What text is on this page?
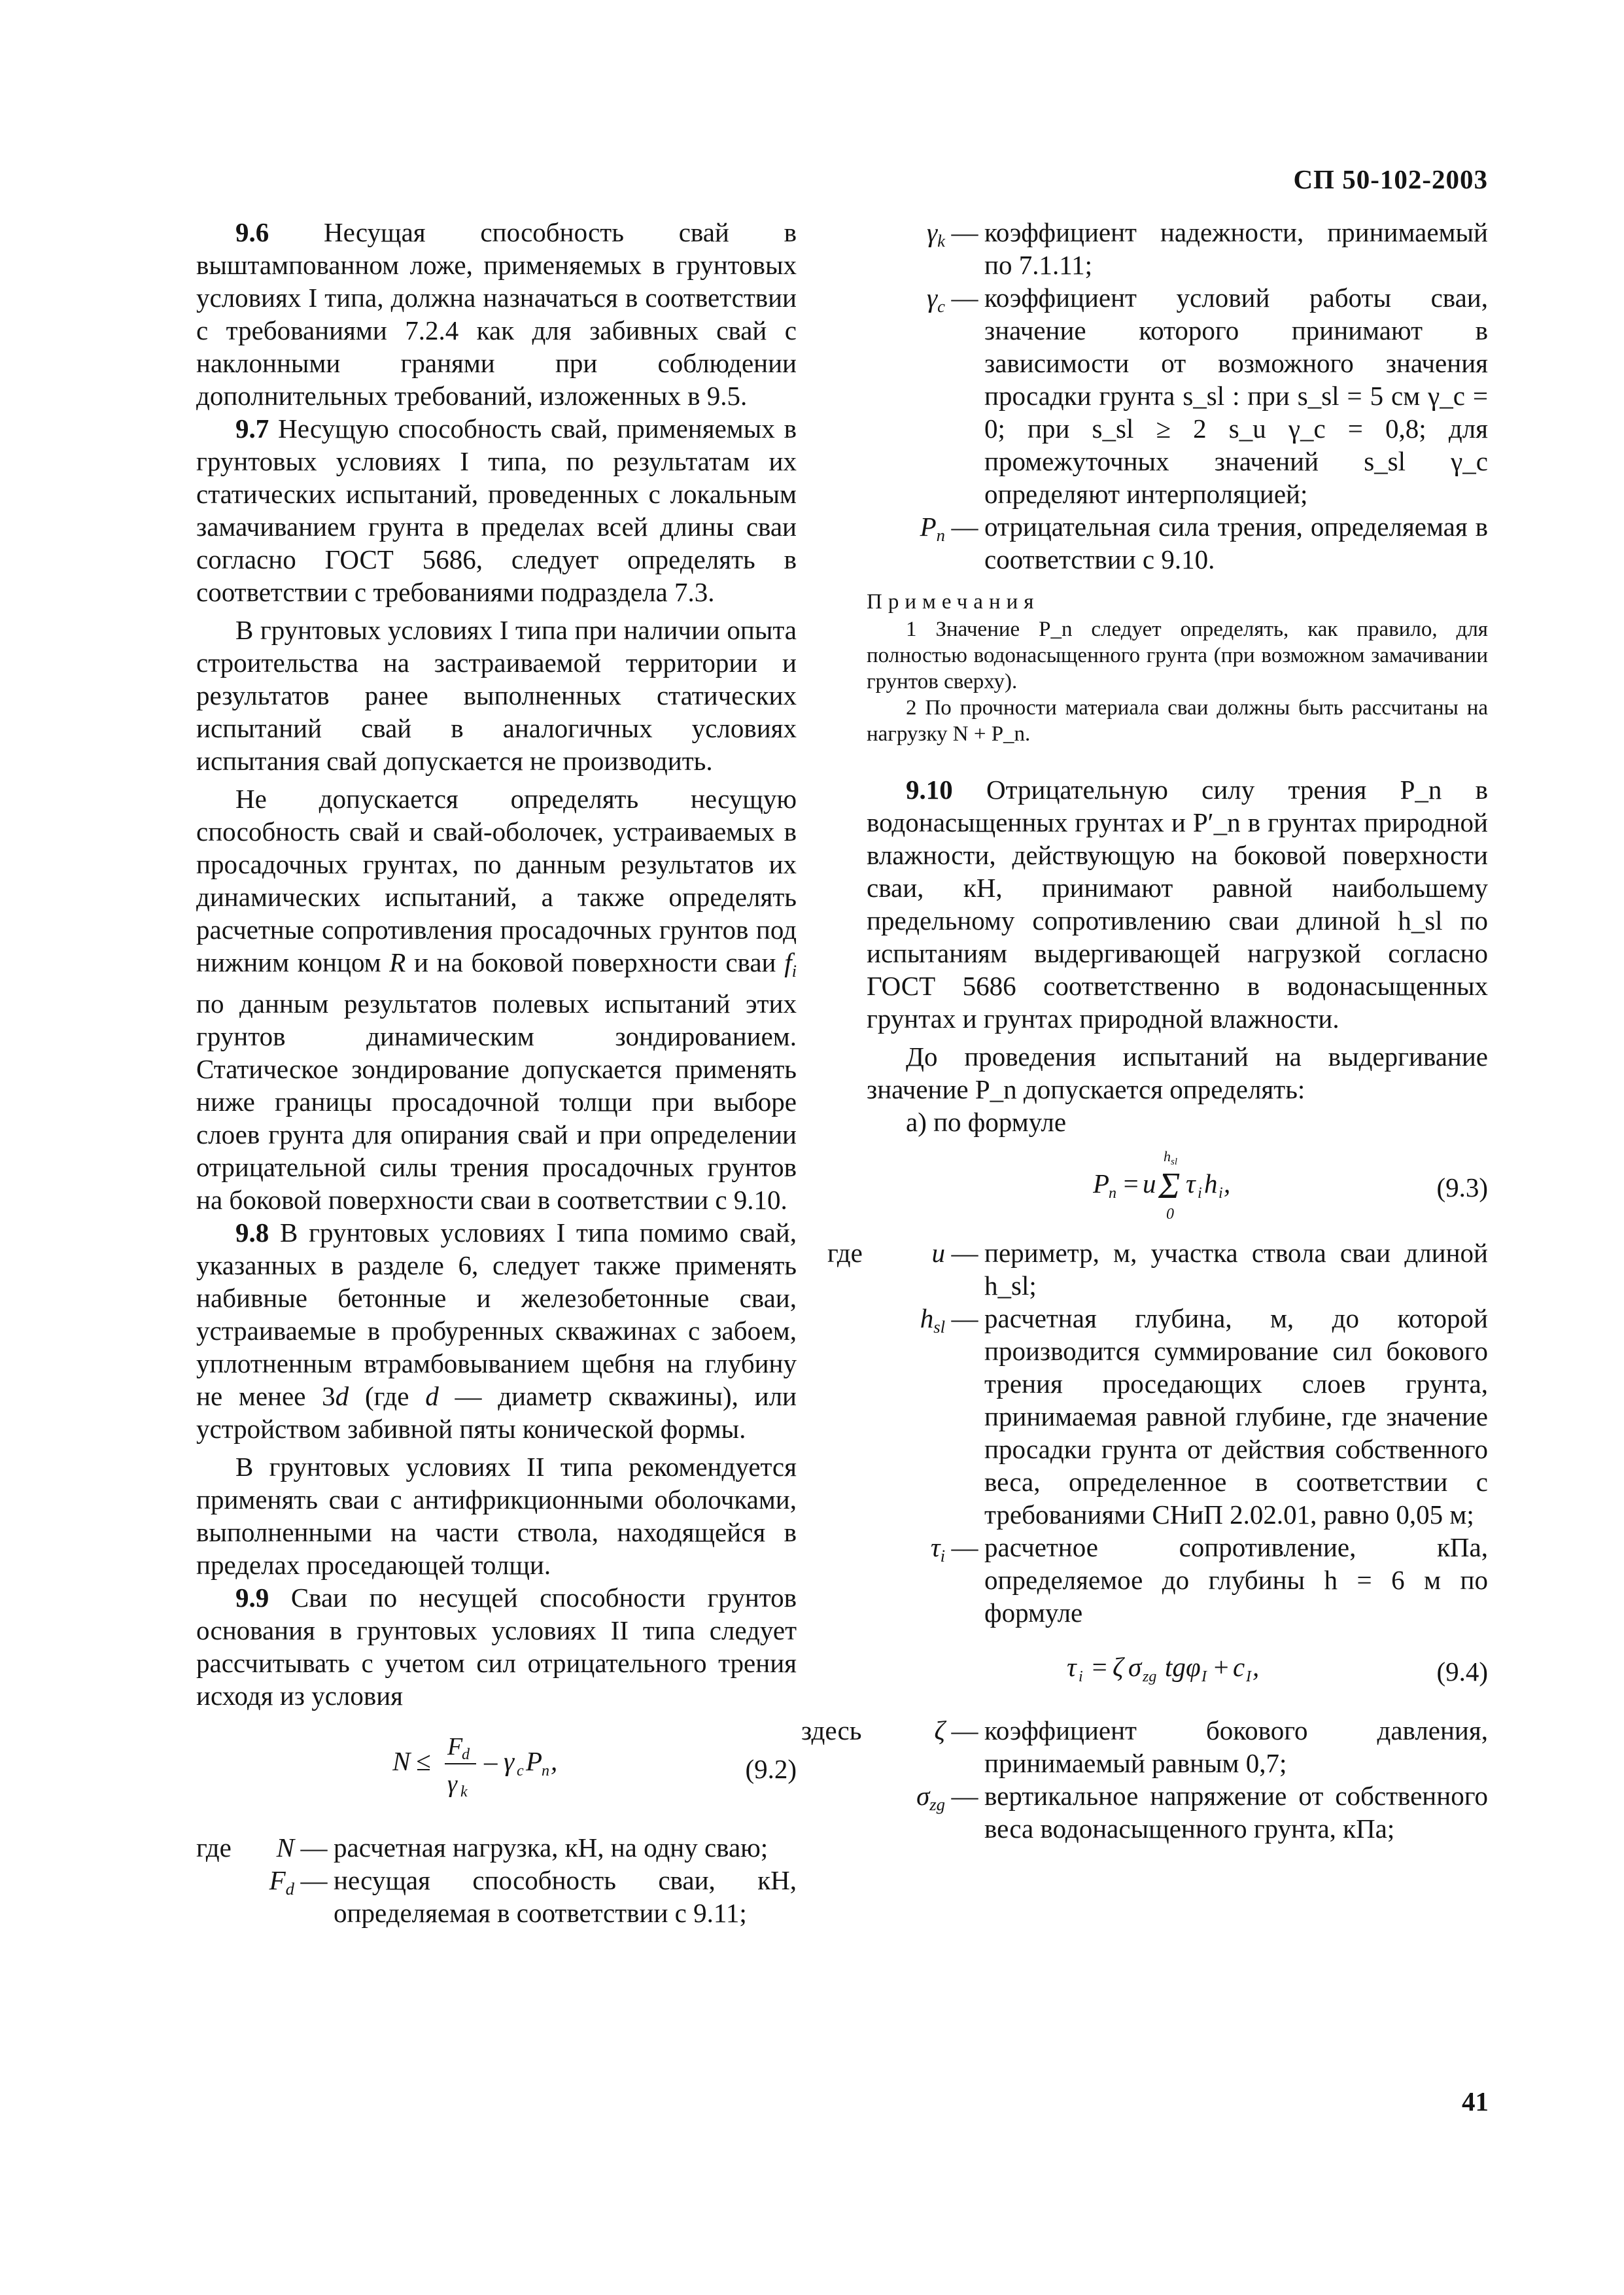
СП 50-102-2003

9.6 Несущая способность свай в выштампованном ложе, применяемых в грунтовых условиях I типа, должна назначаться в соответствии с требованиями 7.2.4 как для забивных свай с наклонными гранями при соблюдении дополнительных требований, изложенных в 9.5.

9.7 Несущую способность свай, применяемых в грунтовых условиях I типа, по результатам их статических испытаний, проведенных с локальным замачиванием грунта в пределах всей длины сваи согласно ГОСТ 5686, следует определять в соответствии с требованиями подраздела 7.3.

В грунтовых условиях I типа при наличии опыта строительства на застраиваемой территории и результатов ранее выполненных статических испытаний свай в аналогичных условиях испытания свай допускается не производить.

Не допускается определять несущую способность свай и свай-оболочек, устраиваемых в просадочных грунтах, по данным результатов их динамических испытаний, а также определять расчетные сопротивления просадочных грунтов под нижним концом R и на боковой поверхности сваи $f_i$ по данным результатов полевых испытаний этих грунтов динамическим зондированием. Статическое зондирование допускается применять ниже границы просадочной толщи при выборе слоев грунта для опирания свай и при определении отрицательной силы трения просадочных грунтов на боковой поверхности сваи в соответствии с 9.10.

9.8 В грунтовых условиях I типа помимо свай, указанных в разделе 6, следует также применять набивные бетонные и железобетонные сваи, устраиваемые в пробуренных скважинах с забоем, уплотненным втрамбовыванием щебня на глубину не менее 3d (где d — диаметр скважины), или устройством забивной пяты конической формы.

В грунтовых условиях II типа рекомендуется применять сваи с антифрикционными оболочками, выполненными на части ствола, находящейся в пределах проседающей толщи.

9.9 Сваи по несущей способности грунтов основания в грунтовых условиях II типа следует рассчитывать с учетом сил отрицательного трения исходя из условия

N ≤ F
d
γ k
– γ c P
n ,	(9.2)
где	N — расчетная нагрузка, кН, на одну сваю;
$F_d$ — несущая способность сваи, кН, определяемая в соответствии с 9.11;
$\gamma_k$ — коэффициент надежности, принимаемый по 7.1.11;
$\gamma_c$ — коэффициент условий работы сваи, значение которого принимают в зависимости от возможного значения просадки грунта s_sl : при s_sl = 5 см γ_c = 0; при s_sl ≥ 2 s_u γ_c = 0,8; для промежуточных значений s_sl γ_c определяют интерполяцией;
$P_n$ — отрицательная сила трения, определяемая в соответствии с 9.10.
Примечания

1 Значение P_n следует определять, как правило, для полностью водонасыщенного грунта (при возможном замачивании грунтов сверху).

2 По прочности материала сваи должны быть рассчитаны на нагрузку N + P_n.

9.10 Отрицательную силу трения P_n в водонасыщенных грунтах и P′_n в грунтах природной влажности, действующую на боковой поверхности сваи, кН, принимают равной наибольшему предельному сопротивлению сваи длиной h_sl по испытаниям выдергивающей нагрузкой согласно ГОСТ 5686 соответственно в водонасыщенных грунтах и грунтах природной влажности.

До проведения испытаний на выдергивание значение P_n допускается определять:

а) по формуле

P
n = u Σ
h sl
0
τ i h i ,	(9.3)
где	u — периметр, м, участка ствола сваи длиной h_sl;
$h_{sl}$ — расчетная глубина, м, до которой производится суммирование сил бокового трения проседающих слоев грунта, принимаемая равной глубине, где значение просадки грунта от действия собственного веса, определенное в соответствии с требованиями СНиП 2.02.01, равно 0,05 м;
$\tau_i$ — расчетное сопротивление, кПа, определяемое до глубины h = 6 м по формуле
τ i = ζ σ zg tg φ I + c I ,	(9.4)
здесь	ζ — коэффициент бокового давления, принимаемый равным 0,7;
$\sigma_{zg}$ — вертикальное напряжение от собственного веса водонасыщенного грунта, кПа;
41
